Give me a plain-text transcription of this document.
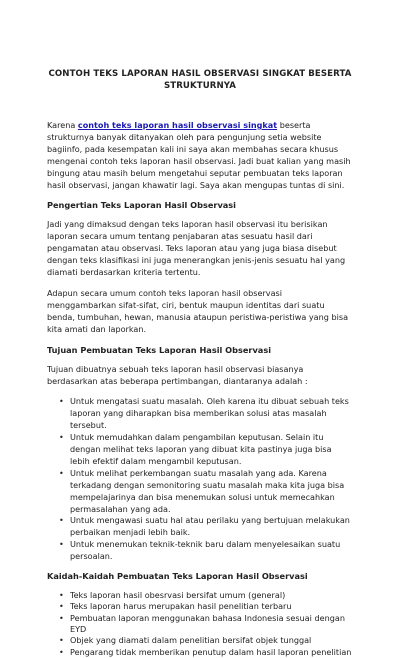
CONTOH TEKS LAPORAN HASIL OBSERVASI SINGKAT BESERTA STRUKTURNYA

Karena contoh teks laporan hasil observasi singkat beserta strukturnya banyak ditanyakan oleh para pengunjung setia website bagiinfo, pada kesempatan kali ini saya akan membahas secara khusus mengenai contoh teks laporan hasil observasi. Jadi buat kalian yang masih bingung atau masih belum mengetahui seputar pembuatan teks laporan hasil observasi, jangan khawatir lagi. Saya akan mengupas tuntas di sini.

Pengertian Teks Laporan Hasil Observasi

Jadi yang dimaksud dengan teks laporan hasil observasi itu berisikan laporan secara umum tentang penjabaran atas sesuatu hasil dari pengamatan atau observasi. Teks laporan atau yang juga biasa disebut dengan teks klasifikasi ini juga menerangkan jenis-jenis sesuatu hal yang diamati berdasarkan kriteria tertentu.

Adapun secara umum contoh teks laporan hasil observasi menggambarkan sifat-sifat, ciri, bentuk maupun identitas dari suatu benda, tumbuhan, hewan, manusia ataupun peristiwa-peristiwa yang bisa kita amati dan laporkan.

Tujuan Pembuatan Teks Laporan Hasil Observasi

Tujuan dibuatnya sebuah teks laporan hasil observasi biasanya berdasarkan atas beberapa pertimbangan, diantaranya adalah :

• Untuk mengatasi suatu masalah. Oleh karena itu dibuat sebuah teks laporan yang diharapkan bisa memberikan solusi atas masalah tersebut.
• Untuk memudahkan dalam pengambilan keputusan. Selain itu dengan melihat teks laporan yang dibuat kita pastinya juga bisa lebih efektif dalam mengambil keputusan.
• Untuk melihat perkembangan suatu masalah yang ada. Karena terkadang dengan semonitoring suatu masalah maka kita juga bisa mempelajarinya dan bisa menemukan solusi untuk memecahkan permasalahan yang ada.
• Untuk mengawasi suatu hal atau perilaku yang bertujuan melakukan perbaikan menjadi lebih baik.
• Untuk menemukan teknik-teknik baru dalam menyelesaikan suatu persoalan.
Kaidah-Kaidah Pembuatan Teks Laporan Hasil Observasi
• Teks laporan hasil obesrvasi bersifat umum (general)
• Teks laporan harus merupakan hasil penelitian terbaru
• Pembuatan laporan menggunakan bahasa Indonesia sesuai dengan EYD
• Objek yang diamati dalam penelitian bersifat objek tunggal
• Pengarang tidak memberikan penutup dalam hasil laporan penelitian
